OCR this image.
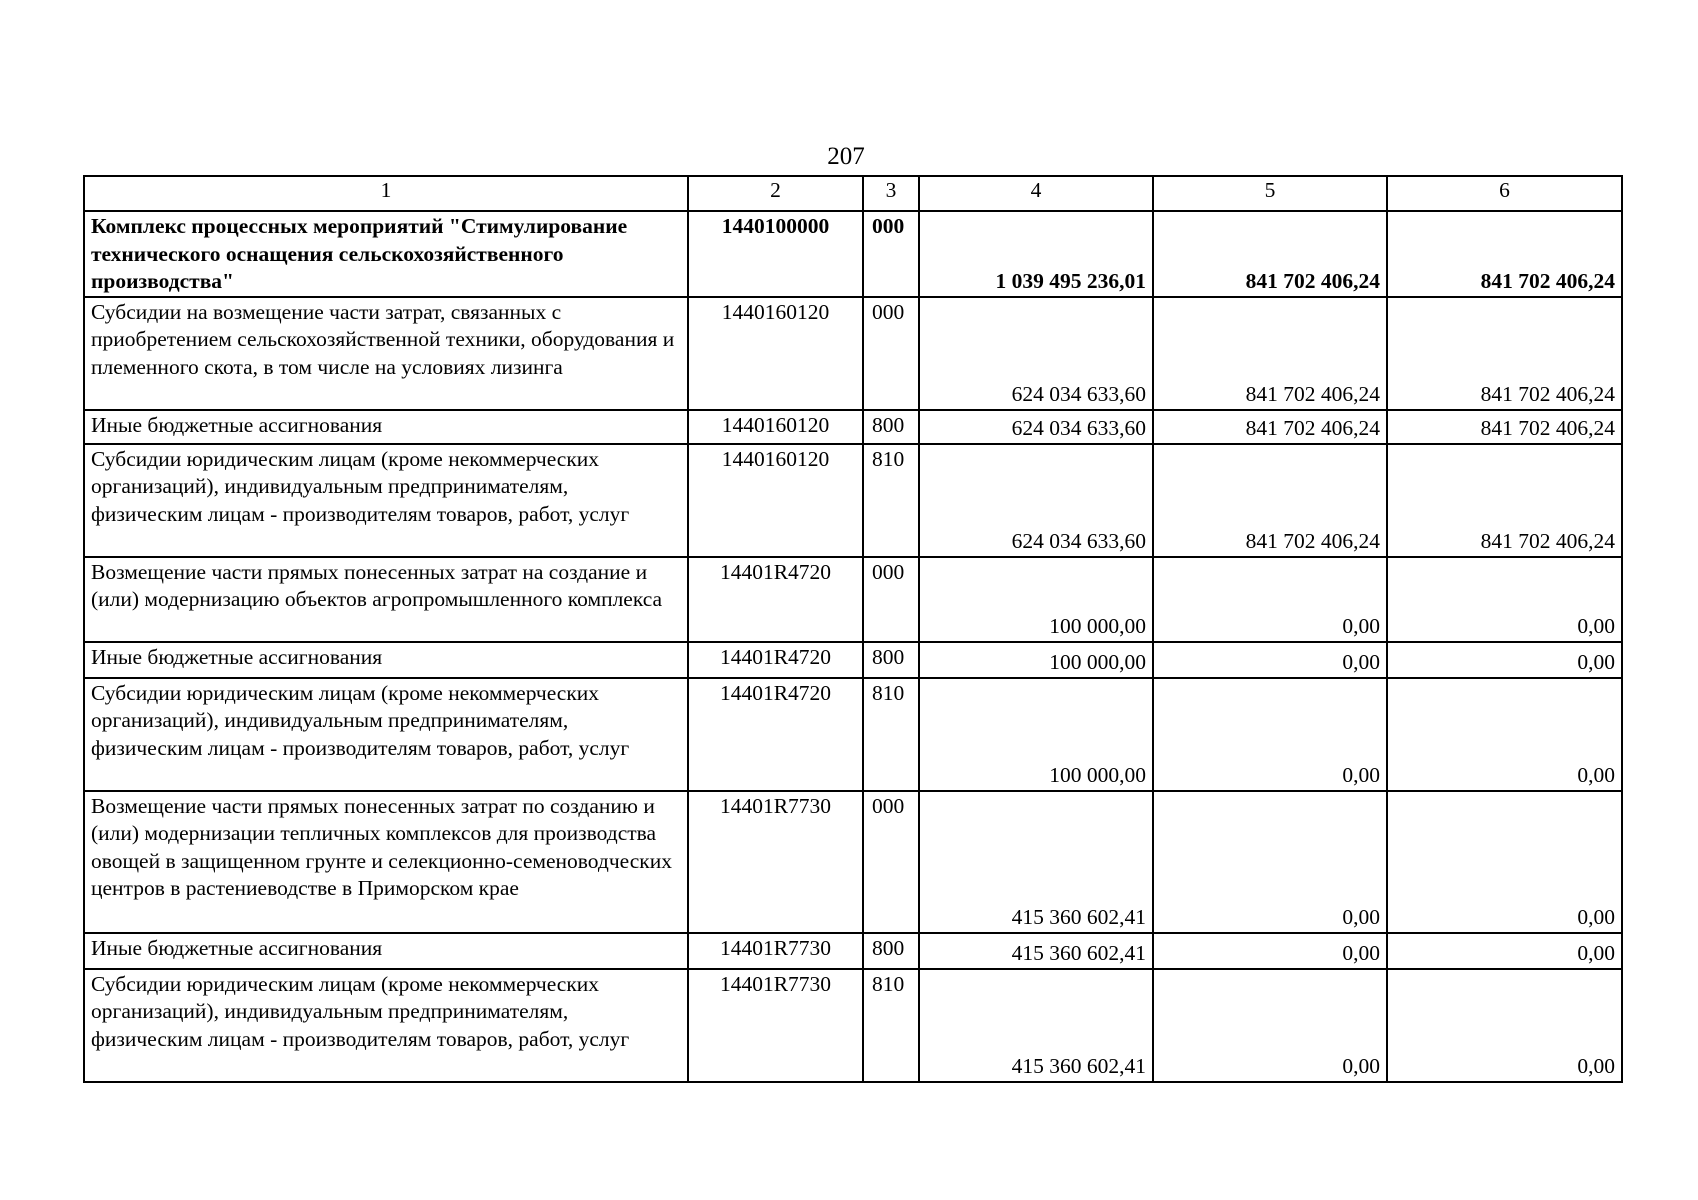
207
1	2	3	4	5	6
Комплекс процессных мероприятий "Стимулирование технического оснащения сельскохозяйственного производства"	1440100000	000	1 039 495 236,01	841 702 406,24	841 702 406,24
Субсидии на возмещение части затрат, связанных с приобретением сельскохозяйственной техники, оборудования и племенного скота, в том числе на условиях лизинга	1440160120	000	624 034 633,60	841 702 406,24	841 702 406,24
Иные бюджетные ассигнования	1440160120	800	624 034 633,60	841 702 406,24	841 702 406,24
Субсидии юридическим лицам (кроме некоммерческих организаций), индивидуальным предпринимателям, физическим лицам - производителям товаров, работ, услуг	1440160120	810	624 034 633,60	841 702 406,24	841 702 406,24
Возмещение части прямых понесенных затрат на создание и (или) модернизацию объектов агропромышленного комплекса	14401R4720	000	100 000,00	0,00	0,00
Иные бюджетные ассигнования	14401R4720	800	100 000,00	0,00	0,00
Субсидии юридическим лицам (кроме некоммерческих организаций), индивидуальным предпринимателям, физическим лицам - производителям товаров, работ, услуг	14401R4720	810	100 000,00	0,00	0,00
Возмещение части прямых понесенных затрат по созданию и (или) модернизации тепличных комплексов для производства овощей в защищенном грунте и селекционно-семеноводческих центров в растениеводстве в Приморском крае	14401R7730	000	415 360 602,41	0,00	0,00
Иные бюджетные ассигнования	14401R7730	800	415 360 602,41	0,00	0,00
Субсидии юридическим лицам (кроме некоммерческих организаций), индивидуальным предпринимателям, физическим лицам - производителям товаров, работ, услуг	14401R7730	810	415 360 602,41	0,00	0,00
